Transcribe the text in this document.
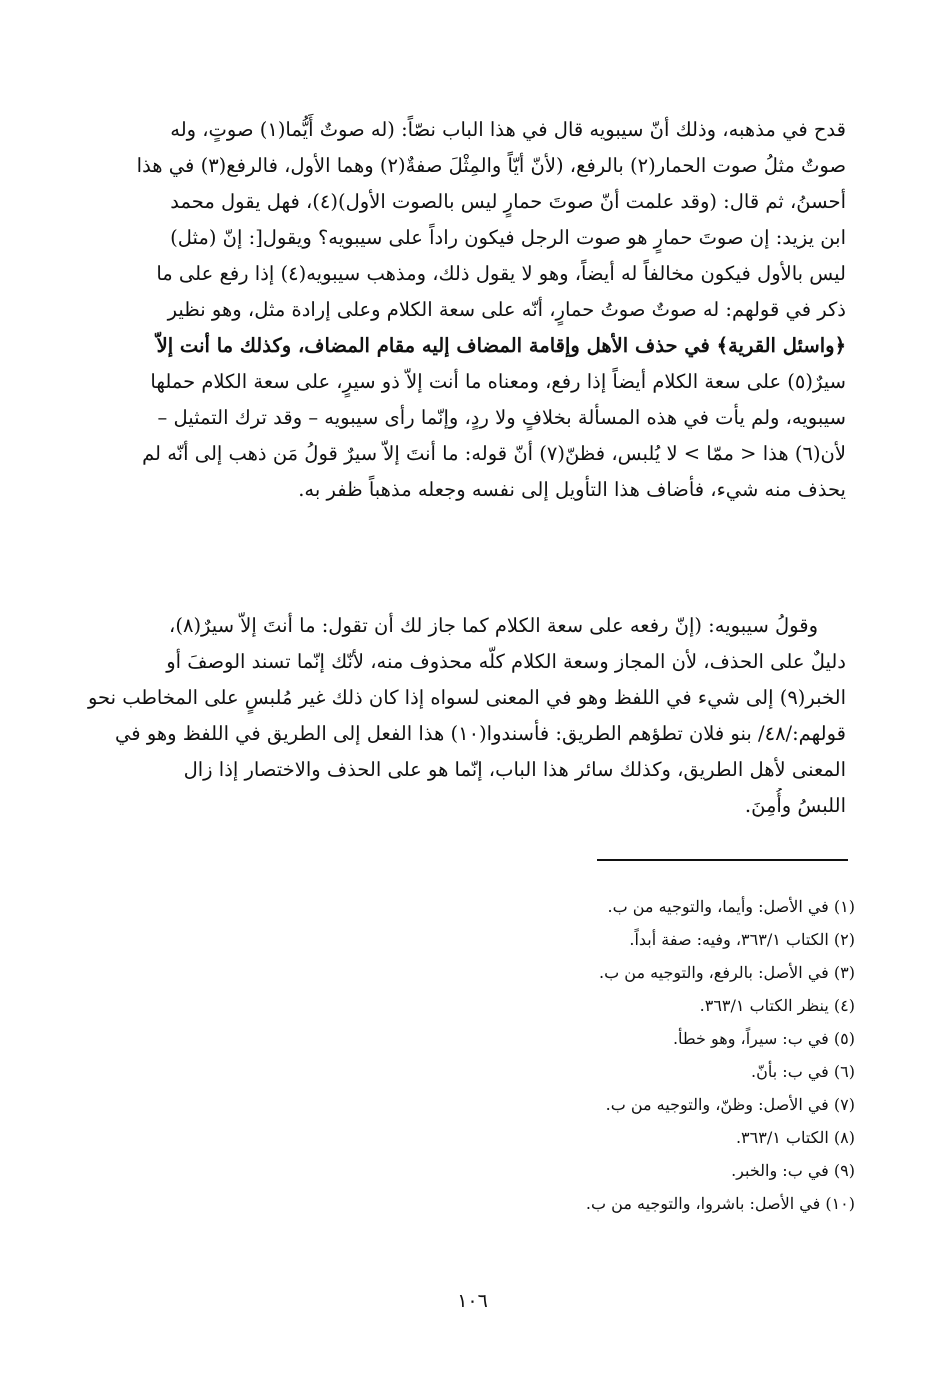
قدح في مذهبه، وذلك أنّ سيبويه قال في هذا الباب نصّاً: (له صوتٌ أَيُّما(١) صوتٍ، وله
صوتٌ مثلُ صوت الحمار(٢) بالرفع، (لأنّ أيّاً والمِثْلَ صفةٌ(٢) وهما الأول، فالرفع(٣) في هذا
أحسنُ، ثم قال: (وقد علمت أنّ صوتَ حمارٍ ليس بالصوت الأول)(٤)، فهل يقول محمد
ابن يزيد: إن صوتَ حمارٍ هو صوت الرجل فيكون راداً على سيبويه؟ ويقول[: إنّ (مثل)
ليس بالأول فيكون مخالفاً له أيضاً، وهو لا يقول ذلك، ومذهب سيبويه(٤) إذا رفع على ما
ذكر في قولهم: له صوتٌ صوتُ حمارٍ، أنّه على سعة الكلام وعلى إرادة مثل، وهو نظير
﴿واسئل القرية﴾ في حذف الأهل وإقامة المضاف إليه مقام المضاف، وكذلك ما أنت إلاّ
سيرٌ(٥) على سعة الكلام أيضاً إذا رفع، ومعناه ما أنت إلاّ ذو سيرٍ، على سعة الكلام حملها
سيبويه، ولم يأت في هذه المسألة بخلافٍ ولا ردٍ، وإنّما رأى سيبويه – وقد ترك التمثيل –
لأن(٦) هذا < ممّا > لا يُلبس، فظنّ(٧) أنّ قوله: ما أنتَ إلاّ سيرٌ قولُ مَن ذهب إلى أنّه لم
يحذف منه شيء، فأضاف هذا التأويل إلى نفسه وجعله مذهباً ظفر به.
وقولُ سيبويه: (إنّ رفعه على سعة الكلام كما جاز لك أن تقول: ما أنتَ إلاّ سيرٌ(٨)،
دليلٌ على الحذف، لأن المجاز وسعة الكلام كلّه محذوف منه، لأنّك إنّما تسند الوصفَ أو
الخبر(٩) إلى شيء في اللفظ وهو في المعنى لسواه إذا كان ذلك غير مُلبسٍ على المخاطب نحو
قولهم:/٤٨/ بنو فلان تطؤهم الطريق: فأسندوا(١٠) هذا الفعل إلى الطريق في اللفظ وهو في
المعنى لأهل الطريق، وكذلك سائر هذا الباب، إنّما هو على الحذف والاختصار إذا زال
اللبسُ وأُمِنَ.
(١) في الأصل: وأيما، والتوجيه من ب.
(٢) الكتاب ٣٦٣/١، وفيه: صفة أبداً.
(٣) في الأصل: بالرفع، والتوجيه من ب.
(٤) ينظر الكتاب ٣٦٣/١.
(٥) في ب: سيراً، وهو خطأ.
(٦) في ب: بأنّ.
(٧) في الأصل: وظنّ، والتوجيه من ب.
(٨) الكتاب ٣٦٣/١.
(٩) في ب: والخبر.
(١٠) في الأصل: باشروا، والتوجيه من ب.
١٠٦
